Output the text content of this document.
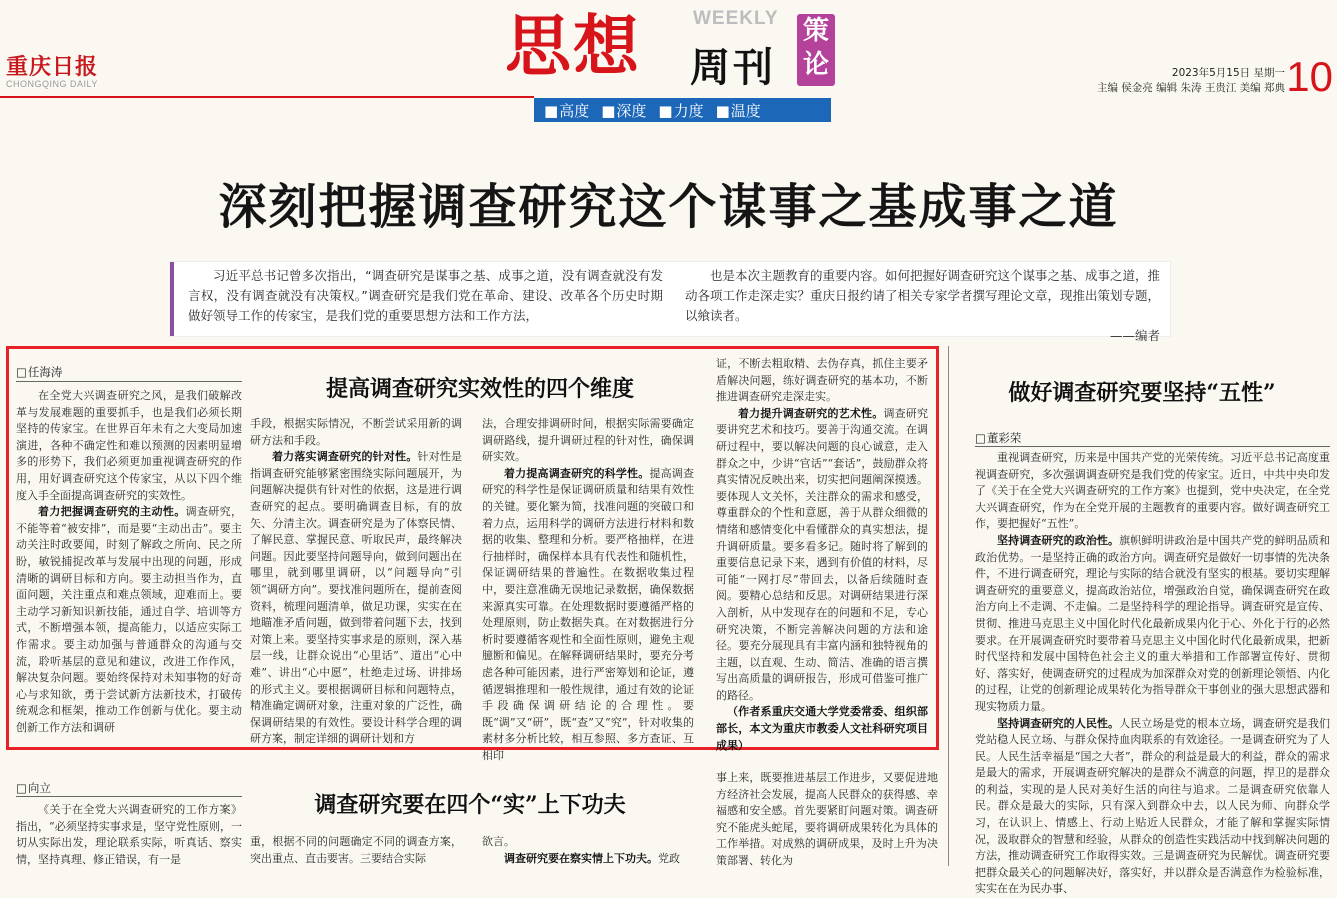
重庆日报
CHONGQING DAILY	思想	WEEKLY
周刊
策论
■ 高度	■ 深度	■ 力度	■ 温度
2023年5月15日 星期一
主编 侯金亮 编辑 朱涛 王贵江 美编 郑典 10
深刻把握调查研究这个谋事之基成事之道

习近平总书记曾多次指出，“调查研究是谋事之基、成事之道，没有调查就没有发言权，没有调查就没有决策权。”调查研究是我们党在革命、建设、改革各个历史时期做好领导工作的传家宝，是我们党的重要思想方法和工作方法，

也是本次主题教育的重要内容。如何把握好调查研究这个谋事之基、成事之道，推动各项工作走深走实？重庆日报约请了相关专家学者撰写理论文章，现推出策划专题，以飨读者。

——编者

□ 任海涛
提高调查研究实效性的四个维度

在全党大兴调查研究之风，是我们破解改革与发展难题的重要抓手，也是我们必须长期坚持的传家宝。在世界百年未有之大变局加速演进，各种不确定性和难以预测的因素明显增多的形势下，我们必须更加重视调查研究的作用，用好调查研究这个传家宝，从以下四个维度入手全面提高调查研究的实效性。

着力把握调查研究的主动性。调查研究，不能等着“被安排”，而是要“主动出击”。要主动关注时政要闻，时刻了解政之所向、民之所盼，敏锐捕捉改革与发展中出现的问题，形成清晰的调研目标和方向。要主动担当作为，直面问题，关注重点和难点领域，迎难而上。要主动学习新知识新技能，通过自学、培训等方式，不断增强本领，提高能力，以适应实际工作需求。要主动加强与普通群众的沟通与交流，聆听基层的意见和建议，改进工作作风，解决复杂问题。要始终保持对未知事物的好奇心与求知欲，勇于尝试新方法新技术，打破传统观念和框架，推动工作创新与优化。要主动创新工作方法和调研

手段，根据实际情况，不断尝试采用新的调研方法和手段。

着力落实调查研究的针对性。针对性是指调查研究能够紧密围绕实际问题展开，为问题解决提供有针对性的依据，这是进行调查研究的起点。要明确调查目标，有的放矢、分清主次。调查研究是为了体察民情、了解民意、掌握民意、听取民声，最终解决问题。因此要坚持问题导向，做到问题出在哪里，就到哪里调研，以“问题导向”引领“调研方向”。要找准问题所在，提前查阅资料，梳理问题清单，做足功课，实实在在地瞄准矛盾问题，做到带着问题下去，找到对策上来。要坚持实事求是的原则，深入基层一线，让群众说出“心里话”、道出“心中难”、讲出“心中愿”，杜绝走过场、讲排场的形式主义。要根据调研目标和问题特点，精准确定调研对象，注重对象的广泛性，确保调研结果的有效性。要设计科学合理的调研方案，制定详细的调研计划和方

法，合理安排调研时间，根据实际需要确定调研路线，提升调研过程的针对性，确保调研实效。

着力提高调查研究的科学性。提高调查研究的科学性是保证调研质量和结果有效性的关键。要化繁为简，找准问题的突破口和着力点，运用科学的调研方法进行材料和数据的收集、整理和分析。要严格抽样，在进行抽样时，确保样本具有代表性和随机性，保证调研结果的普遍性。在数据收集过程中，要注意准确无误地记录数据，确保数据来源真实可靠。在处理数据时要遵循严格的处理原则，防止数据失真。在对数据进行分析时要遵循客观性和全面性原则，避免主观臆断和偏见。在解释调研结果时，要充分考虑各种可能因素，进行严密筹划和论证，遵循逻辑推理和一般性规律，通过有效的论证手段确保调研结论的合理性。要既“调”又“研”，既“查”又“究”，针对收集的素材多分析比较，相互参照、多方查证、互相印

证，不断去粗取精、去伪存真，抓住主要矛盾解决问题，练好调查研究的基本功，不断推进调查研究走深走实。

着力提升调查研究的艺术性。调查研究要讲究艺术和技巧。要善于沟通交流。在调研过程中，要以解决问题的良心诚意，走入群众之中，少讲“官话”“套话”，鼓励群众将真实情况反映出来，切实把问题阐深摸透。要体现人文关怀，关注群众的需求和感受，尊重群众的个性和意愿，善于从群众细微的情绪和感情变化中看懂群众的真实想法，提升调研质量。要多看多记。随时将了解到的重要信息记录下来，遇到有价值的材料，尽可能“一网打尽”带回去，以备后续随时查阅。要精心总结和反思。对调研结果进行深入剖析，从中发现存在的问题和不足，专心研究决策，不断完善解决问题的方法和途径。要充分展现具有丰富内涵和独特视角的主题，以直观、生动、简洁、准确的语言撰写出高质量的调研报告，形成可借鉴可推广的路径。

（作者系重庆交通大学党委常委、组织部部长，本文为重庆市教委人文社科研究项目成果）

做好调查研究要坚持“五性”
□ 董彩荣

重视调查研究，历来是中国共产党的光荣传统。习近平总书记高度重视调查研究，多次强调调查研究是我们党的传家宝。近日，中共中央印发了《关于在全党大兴调查研究的工作方案》也提到，党中央决定，在全党大兴调查研究，作为在全党开展的主题教育的重要内容。做好调查研究工作，要把握好“五性”。

坚持调查研究的政治性。旗帜鲜明讲政治是中国共产党的鲜明品质和政治优势。一是坚持正确的政治方向。调查研究是做好一切事情的先决条件，不进行调查研究，理论与实际的结合就没有坚实的根基。要切实理解调查研究的重要意义，提高政治站位，增强政治自觉，确保调查研究在政治方向上不走调、不走偏。二是坚持科学的理论指导。调查研究是宣传、贯彻、推进马克思主义中国化时代化最新成果内化于心、外化于行的必然要求。在开展调查研究时要带着马克思主义中国化时代化最新成果，把新时代坚持和发展中国特色社会主义的重大举措和工作部署宣传好、贯彻好、落实好，使调查研究的过程成为加深群众对党的创新理论领悟、内化的过程，让党的创新理论成果转化为指导群众干事创业的强大思想武器和现实物质力量。

坚持调查研究的人民性。人民立场是党的根本立场，调查研究是我们党站稳人民立场、与群众保持血肉联系的有效途径。一是调查研究为了人民。人民生活幸福是“国之大者”，群众的利益是最大的利益，群众的需求是最大的需求，开展调查研究解决的是群众不满意的问题，捍卫的是群众的利益，实现的是人民对美好生活的向往与追求。二是调查研究依靠人民。群众是最大的实际，只有深入到群众中去，以人民为师、向群众学习，在认识上、情感上、行动上贴近人民群众，才能了解和掌握实际情况，汲取群众的智慧和经验，从群众的创造性实践活动中找到解决问题的方法，推动调查研究工作取得实效。三是调查研究为民解忧。调查研究要把群众最关心的问题解决好，落实好，并以群众是否满意作为检验标准，实实在在为民办事、

□ 向立
调查研究要在四个“实”上下功夫

《关于在全党大兴调查研究的工作方案》指出，“必须坚持实事求是，坚守党性原则，一切从实际出发，理论联系实际，听真话、察实情，坚持真理、修正错误，有一是

重，根据不同的问题确定不同的调查方案，突出重点、直击要害。三要结合实际

欲言。

调查研究要在察实情上下功夫。党政

事上来，既要推进基层工作进步，又要促进地方经济社会发展，提高人民群众的获得感、幸福感和安全感。首先要紧盯问题对策。调查研究不能虎头蛇尾，要将调研成果转化为具体的工作举措。对成熟的调研成果，及时上升为决策部署、转化为
